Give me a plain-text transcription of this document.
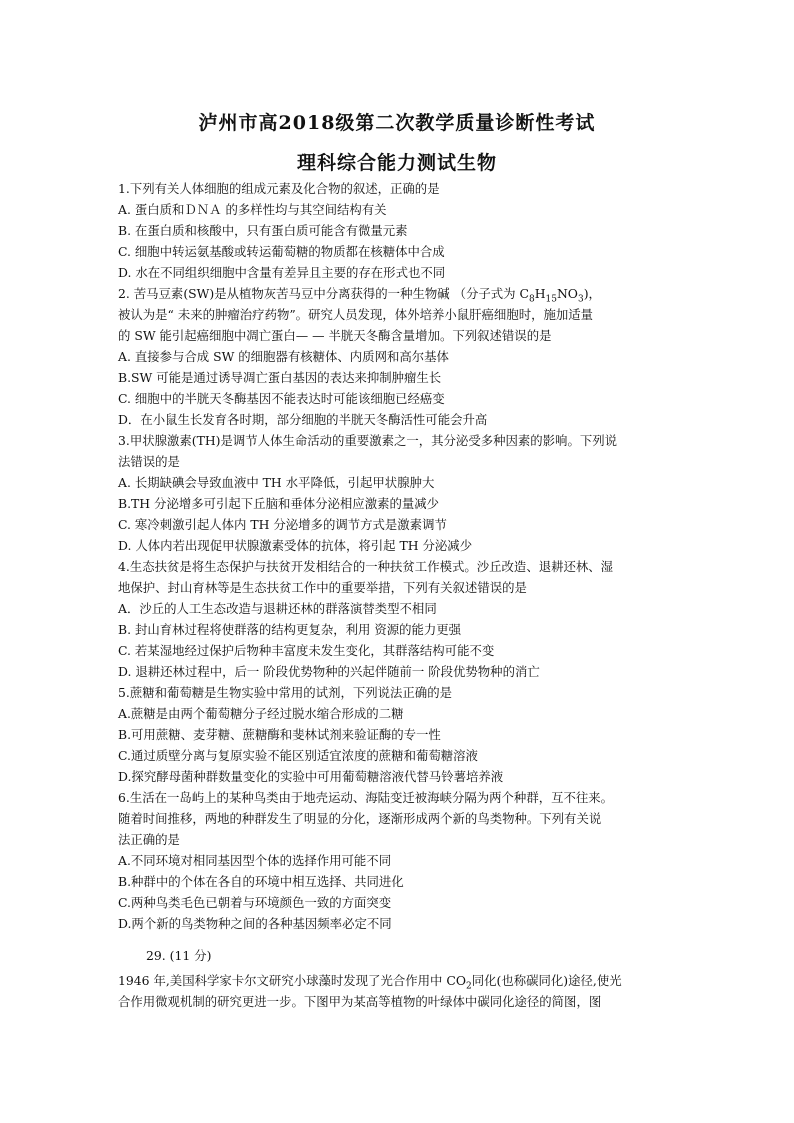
泸州市高2018级第二次教学质量诊断性考试
理科综合能力测试生物
1.下列有关人体细胞的组成元素及化合物的叙述，正确的是
A. 蛋白质和ＤＮＡ 的多样性均与其空间结构有关
B. 在蛋白质和核酸中，只有蛋白质可能含有微量元素
C. 细胞中转运氨基酸或转运葡萄糖的物质都在核糖体中合成
D. 水在不同组织细胞中含量有差异且主要的存在形式也不同
2. 苦马豆素(SW)是从植物灰苦马豆中分离获得的一种生物碱 （分子式为 $C_8H_{15}NO_3$)，
被认为是“ 未来的肿瘤治疗药物”。研究人员发现，体外培养小鼠肝癌细胞时，施加适量
的 SW 能引起癌细胞中凋亡蛋白— — 半胱天冬酶含量增加。下列叙述错误的是
A. 直接参与合成 SW 的细胞器有核糖体、内质网和高尔基体
B.SW 可能是通过诱导凋亡蛋白基因的表达来抑制肿瘤生长
C. 细胞中的半胱天冬酶基因不能表达时可能该细胞已经癌变
D．在小鼠生长发育各时期，部分细胞的半胱天冬酶活性可能会升高
3.甲状腺激素(TH)是调节人体生命活动的重要激素之一，其分泌受多种因素的影响。下列说
法错误的是
A. 长期缺碘会导致血液中 TH 水平降低，引起甲状腺肿大
B.TH 分泌增多可引起下丘脑和垂体分泌相应激素的量减少
C. 寒冷刺激引起人体内 TH 分泌增多的调节方式是激素调节
D. 人体内若出现促甲状腺激素受体的抗体，将引起 TH 分泌减少
4.生态扶贫是将生态保护与扶贫开发相结合的一种扶贫工作模式。沙丘改造、退耕还林、湿
地保护、封山育林等是生态扶贫工作中的重要举措，下列有关叙述错误的是
A．沙丘的人工生态改造与退耕还林的群落演替类型不相同
B. 封山育林过程将使群落的结构更复杂，利用 资源的能力更强
C. 若某湿地经过保护后物种丰富度未发生变化，其群落结构可能不变
D. 退耕还林过程中，后一 阶段优势物种的兴起伴随前一 阶段优势物种的消亡
5.蔗糖和葡萄糖是生物实验中常用的试剂，下列说法正确的是
A.蔗糖是由两个葡萄糖分子经过脱水缩合形成的二糖
B.可用蔗糖、麦芽糖、蔗糖酶和斐林试剂来验证酶的专一性
C.通过质壁分离与复原实验不能区别适宜浓度的蔗糖和葡萄糖溶液
D.探究酵母菌种群数量变化的实验中可用葡萄糖溶液代替马铃薯培养液
6.生活在一岛屿上的某种鸟类由于地壳运动、海陆变迁被海峡分隔为两个种群，互不往来。
随着时间推移，两地的种群发生了明显的分化，逐渐形成两个新的鸟类物种。下列有关说
法正确的是
A.不同环境对相同基因型个体的选择作用可能不同
B.种群中的个体在各自的环境中相互选择、共同进化
C.两种鸟类毛色已朝着与环境颜色一致的方面突变
D.两个新的鸟类物种之间的各种基因频率必定不同
29. (11 分)
1946 年,美国科学家卡尔文研究小球藻时发现了光合作用中 $CO_2$同化(也称碳同化)途径,使光
合作用微观机制的研究更进一步。下图甲为某高等植物的叶绿体中碳同化途径的简图，图
